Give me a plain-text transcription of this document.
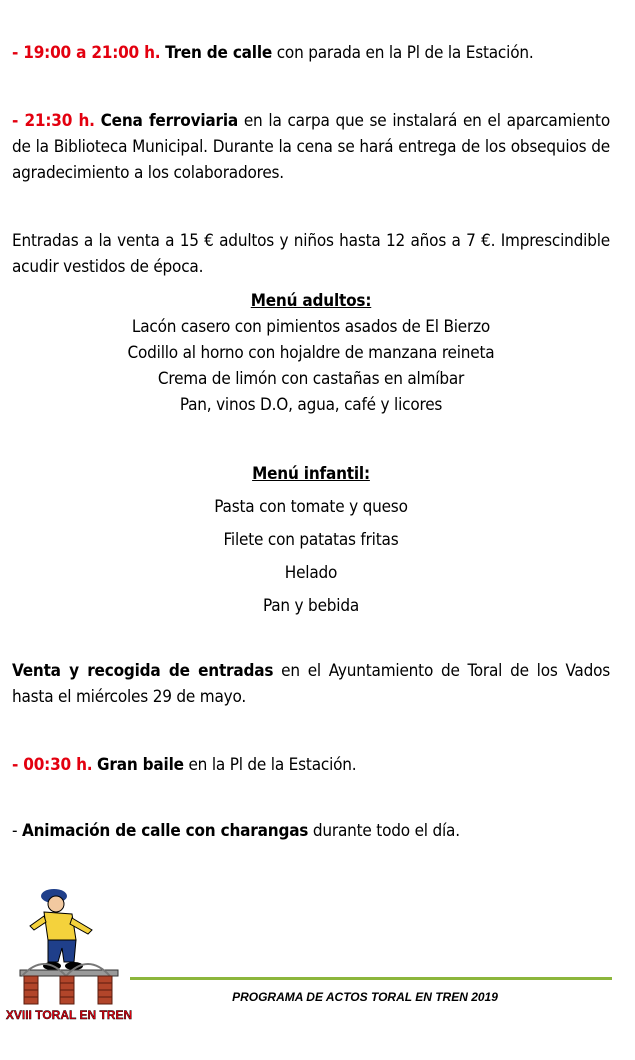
- 19:00 a 21:00 h. Tren de calle con parada en la Pl de la Estación.
- 21:30 h. Cena ferroviaria en la carpa que se instalará en el aparcamiento de la Biblioteca Municipal. Durante la cena se hará entrega de los obsequios de agradecimiento a los colaboradores.
Entradas a la venta a 15 € adultos y niños hasta 12 años a 7 €. Imprescindible acudir vestidos de época.
Menú adultos:
Lacón casero con pimientos asados de El Bierzo
Codillo al horno con hojaldre de manzana reineta
Crema de limón con castañas en almíbar
Pan, vinos D.O, agua, café y licores
Menú infantil:
Pasta con tomate y queso
Filete con patatas fritas
Helado
Pan y bebida
Venta y recogida de entradas en el Ayuntamiento de Toral de los Vados hasta el miércoles 29 de mayo.
- 00:30 h. Gran baile en la Pl de la Estación.
- Animación de calle con charangas durante todo el día.
XVIII TORAL EN TREN
PROGRAMA DE ACTOS TORAL EN TREN 2019
